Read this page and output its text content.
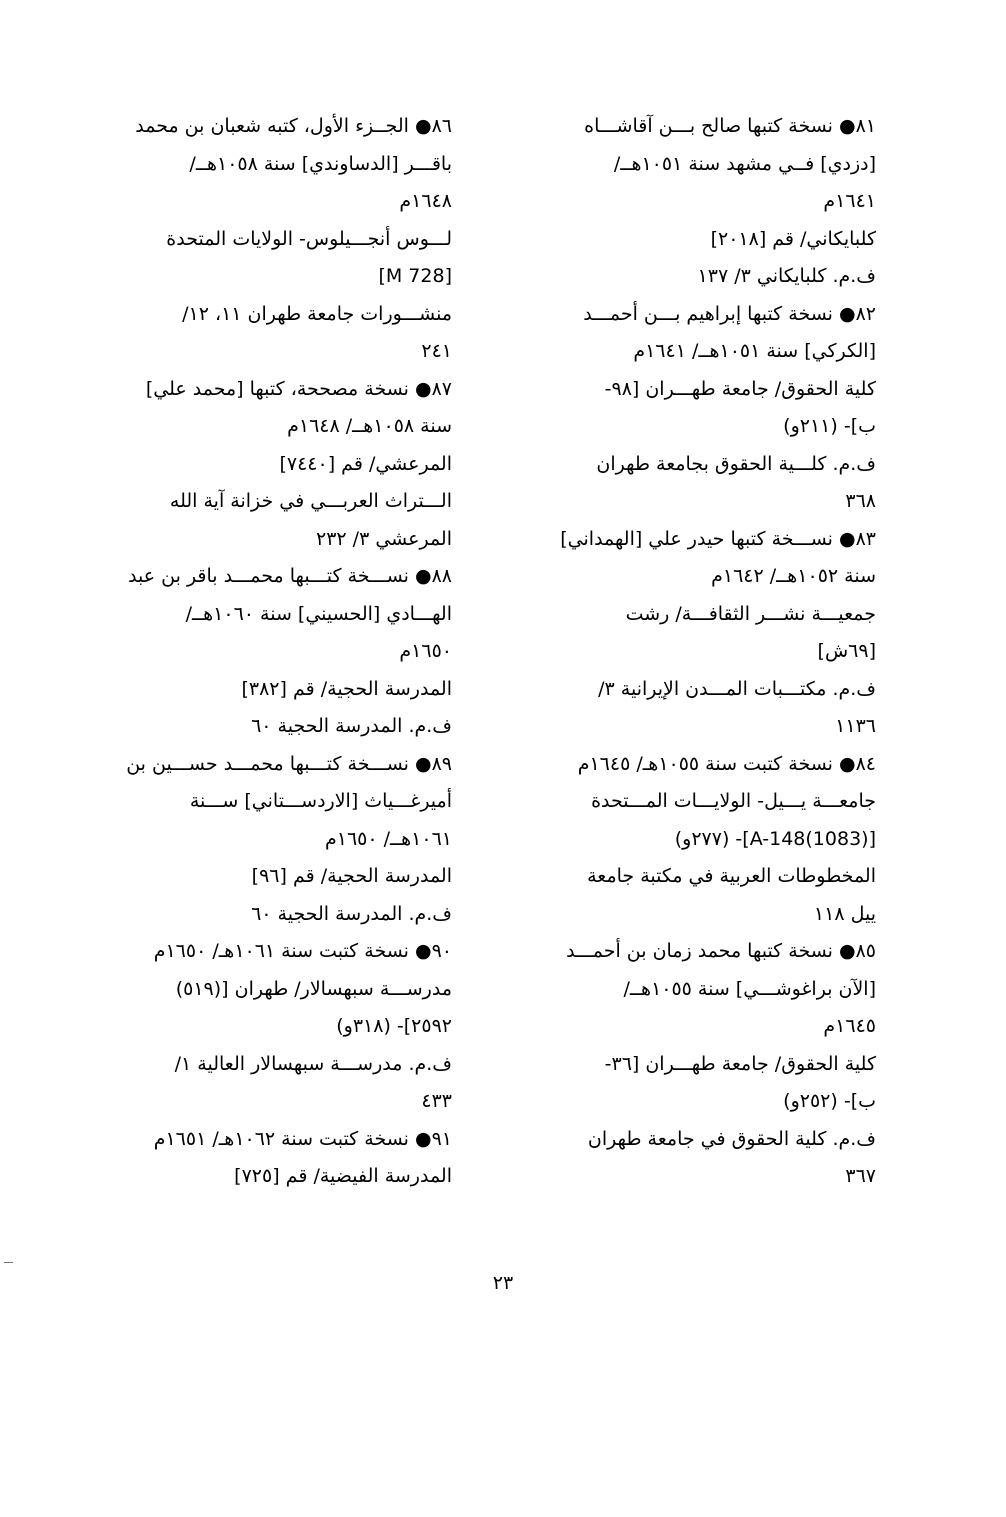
٨١● نسخة كتبها صالح بـــن آقاشـــاه
[دزدي] فــي مشهد سنة ١٠٥١هــ/
١٦٤١م
كلبايكاني/ قم [٢٠١٨]
ف.م. كلبايكاني ٣/ ١٣٧
٨٢● نسخة كتبها إبراهيم بـــن أحمـــد
[الكركي] سنة ١٠٥١هــ/ ١٦٤١م
كلية الحقوق/ جامعة طهـــران [٩٨-
ب]- (٢١١و)
ف.م. كلـــية الحقوق بجامعة طهران
٣٦٨
٨٣● نســـخة كتبها حيدر علي [الهمداني]
سنة ١٠٥٢هــ/ ١٦٤٢م
جمعيـــة نشـــر الثقافـــة/ رشت
[٦٩ش]
ف.م. مكتـــبات المـــدن الإيرانية ٣/
١١٣٦
٨٤● نسخة كتبت سنة ١٠٥٥هـ/ ١٦٤٥م
جامعـــة يـــيل- الولايـــات المـــتحدة
[A-148(1083)]- (٢٧٧و)
المخطوطات العربية في مكتبة جامعة
ييل ١١٨
٨٥● نسخة كتبها محمد زمان بن أحمـــد
[الآن براغوشـــي] سنة ١٠٥٥هــ/
١٦٤٥م
كلية الحقوق/ جامعة طهـــران [٣٦-
ب]- (٢٥٢و)
ف.م. كلية الحقوق في جامعة طهران
٣٦٧
٨٦● الجــزء الأول، كتبه شعبان بن محمد
باقـــر [الدساوندي] سنة ١٠٥٨هــ/
١٦٤٨م
لـــوس أنجـــيلوس- الولايات المتحدة
[M 728]
منشـــورات جامعة طهران ١١، ١٢/
٢٤١
٨٧● نسخة مصححة، كتبها [محمد علي]
سنة ١٠٥٨هــ/ ١٦٤٨م
المرعشي/ قم [٧٤٤٠]
الـــتراث العربـــي في خزانة آية الله
المرعشي ٣/ ٢٣٢
٨٨● نســـخة كتـــبها محمـــد باقر بن عبد
الهـــادي [الحسيني] سنة ١٠٦٠هــ/
١٦٥٠م
المدرسة الحجية/ قم [٣٨٢]
ف.م. المدرسة الحجية ٦٠
٨٩● نســـخة كتـــبها محمـــد حســـين بن
أميرغـــياث [الاردســـتاني] ســـنة
١٠٦١هــ/ ١٦٥٠م
المدرسة الحجية/ قم [٩٦]
ف.م. المدرسة الحجية ٦٠
٩٠● نسخة كتبت سنة ١٠٦١هـ/ ١٦٥٠م
مدرســـة سبهسالار/ طهران [(٥١٩)
٢٥٩٢]- (٣١٨و)
ف.م. مدرســـة سبهسالار العالية ١/
٤٣٣
٩١● نسخة كتبت سنة ١٠٦٢هـ/ ١٦٥١م
المدرسة الفيضية/ قم [٧٢٥]
٢٣
